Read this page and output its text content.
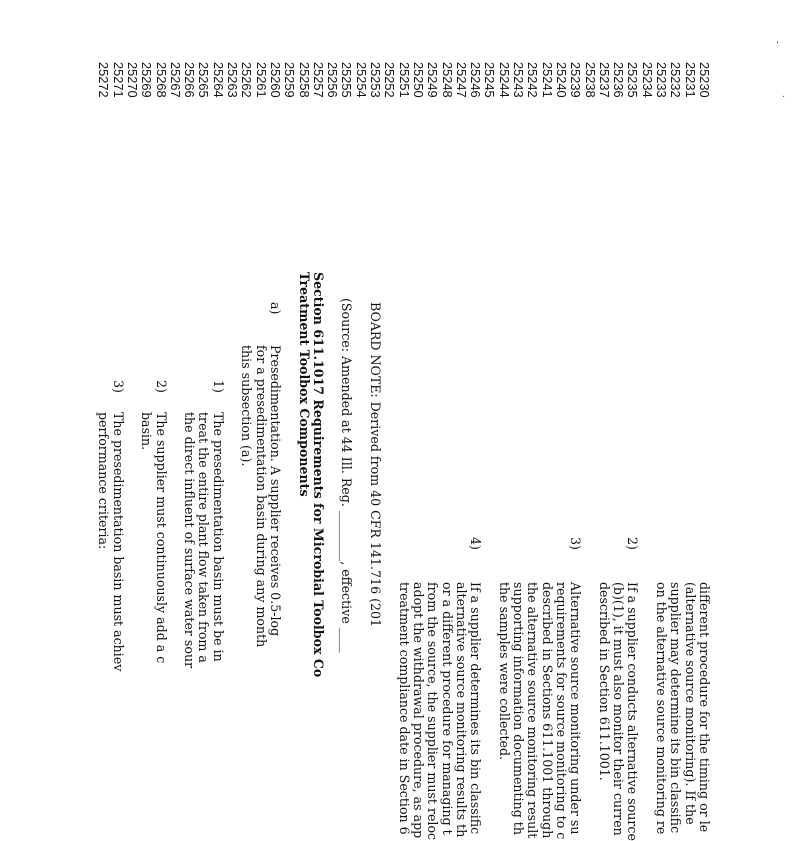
25230
different procedure for the timing or le
25231
(alternative source monitoring). If the
25232
supplier may determine its bin classific
25233
on the alternative source monitoring re
25234
25235
2)
If a supplier conducts alternative source
25236
(b)(1), it must also monitor their curren
25237
described in Section 611.1001.
25238
25239
3)
Alternative source monitoring under su
25240
requirements for source monitoring to c
25241
described in Sections 611.1001 through
25242
the alternative source monitoring result
25243
supporting information documenting th
25244
the samples were collected.
25245
25246
4)
If a supplier determines its bin classific
25247
alternative source monitoring results th
25248
or a different procedure for managing t
25249
from the source, the supplier must reloc
25250
adopt the withdrawal procedure, as app
25251
treatment compliance date in Section 6
25252
25253
BOARD NOTE: Derived from 40 CFR 141.716 (201
25254
25255
(Source: Amended at 44 Ill. Reg. ________, effective ____
25256
25257
Section 611.1017 Requirements for Microbial Toolbox Co
25258
Treatment Toolbox Components
25259
25260
a)
Presedimentation. A supplier receives 0.5-log
25261
for a presedimentation basin during any month
25262
this subsection (a).
25263
25264
1)
The presedimentation basin must be in
25265
treat the entire plant flow taken from a
25266
the direct influent of surface water sour
25267
25268
2)
The supplier must continuously add a c
25269
basin.
25270
25271
3)
The presedimentation basin must achiev
25272
performance criteria:
'
·
